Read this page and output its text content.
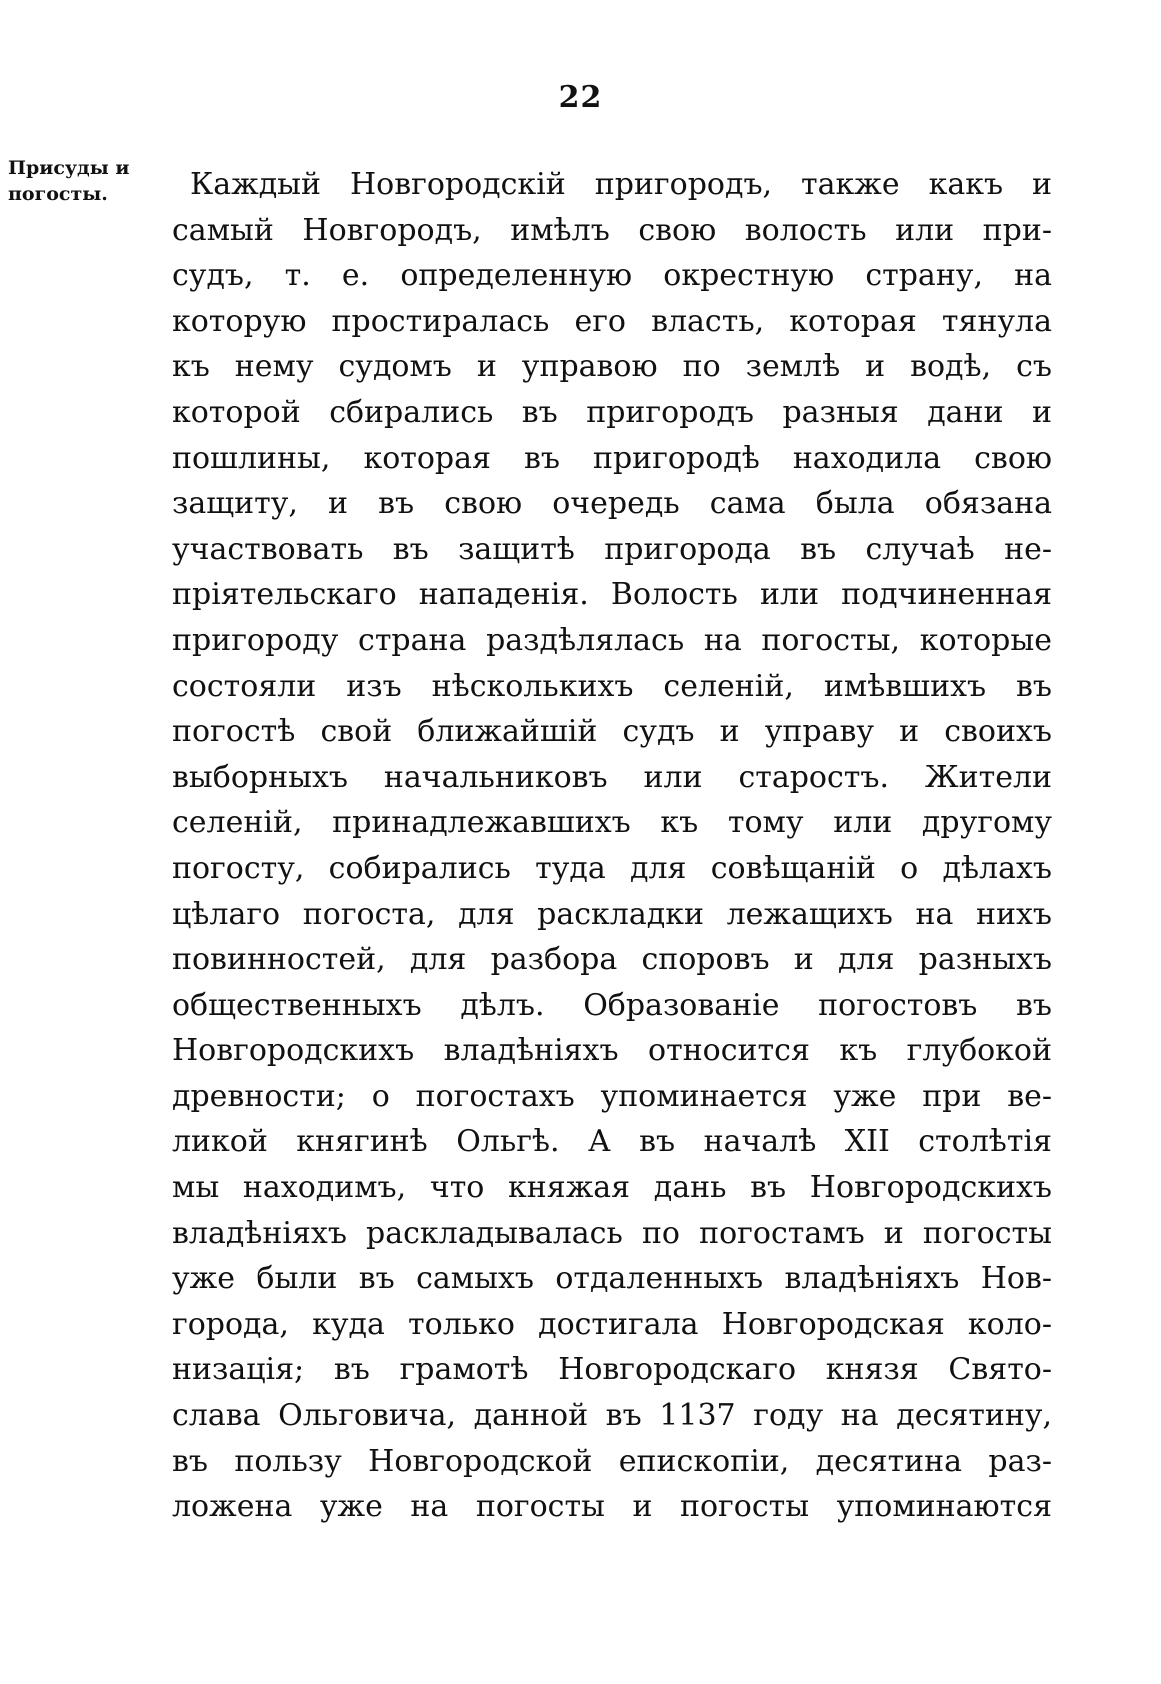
22
Присуды и
погосты.	Каждый Новгородскій пригородъ, также какъ и
самый Новгородъ, имѣлъ свою волость или при-
судъ, т. е. определенную окрестную страну, на
которую простиралась его власть, которая тянула
къ нему судомъ и управою по землѣ и водѣ, съ
которой сбирались въ пригородъ разныя дани и
пошлины, которая въ пригородѣ находила свою
защиту, и въ свою очередь сама была обязана
участвовать въ защитѣ пригорода въ случаѣ не-
пріятельскаго нападенія. Волость или подчиненная
пригороду страна раздѣлялась на погосты, которые
состояли изъ нѣсколькихъ селеній, имѣвшихъ въ
погостѣ свой ближайшій судъ и управу и своихъ
выборныхъ начальниковъ или старостъ. Жители
селеній, принадлежавшихъ къ тому или другому
погосту, собирались туда для совѣщаній о дѣлахъ
цѣлаго погоста, для раскладки лежащихъ на нихъ
повинностей, для разбора споровъ и для разныхъ
общественныхъ дѣлъ. Образованіе погостовъ въ
Новгородскихъ владѣніяхъ относится къ глубокой
древности; о погостахъ упоминается уже при ве-
ликой княгинѣ Ольгѣ. А въ началѣ XII столѣтія
мы находимъ, что княжая дань въ Новгородскихъ
владѣніяхъ раскладывалась по погостамъ и погосты
уже были въ самыхъ отдаленныхъ владѣніяхъ Нов-
города, куда только достигала Новгородская коло-
низація; въ грамотѣ Новгородскаго князя Свято-
слава Ольговича, данной въ 1137 году на десятину,
въ пользу Новгородской епископіи, десятина раз-
ложена уже на погосты и погосты упоминаются
